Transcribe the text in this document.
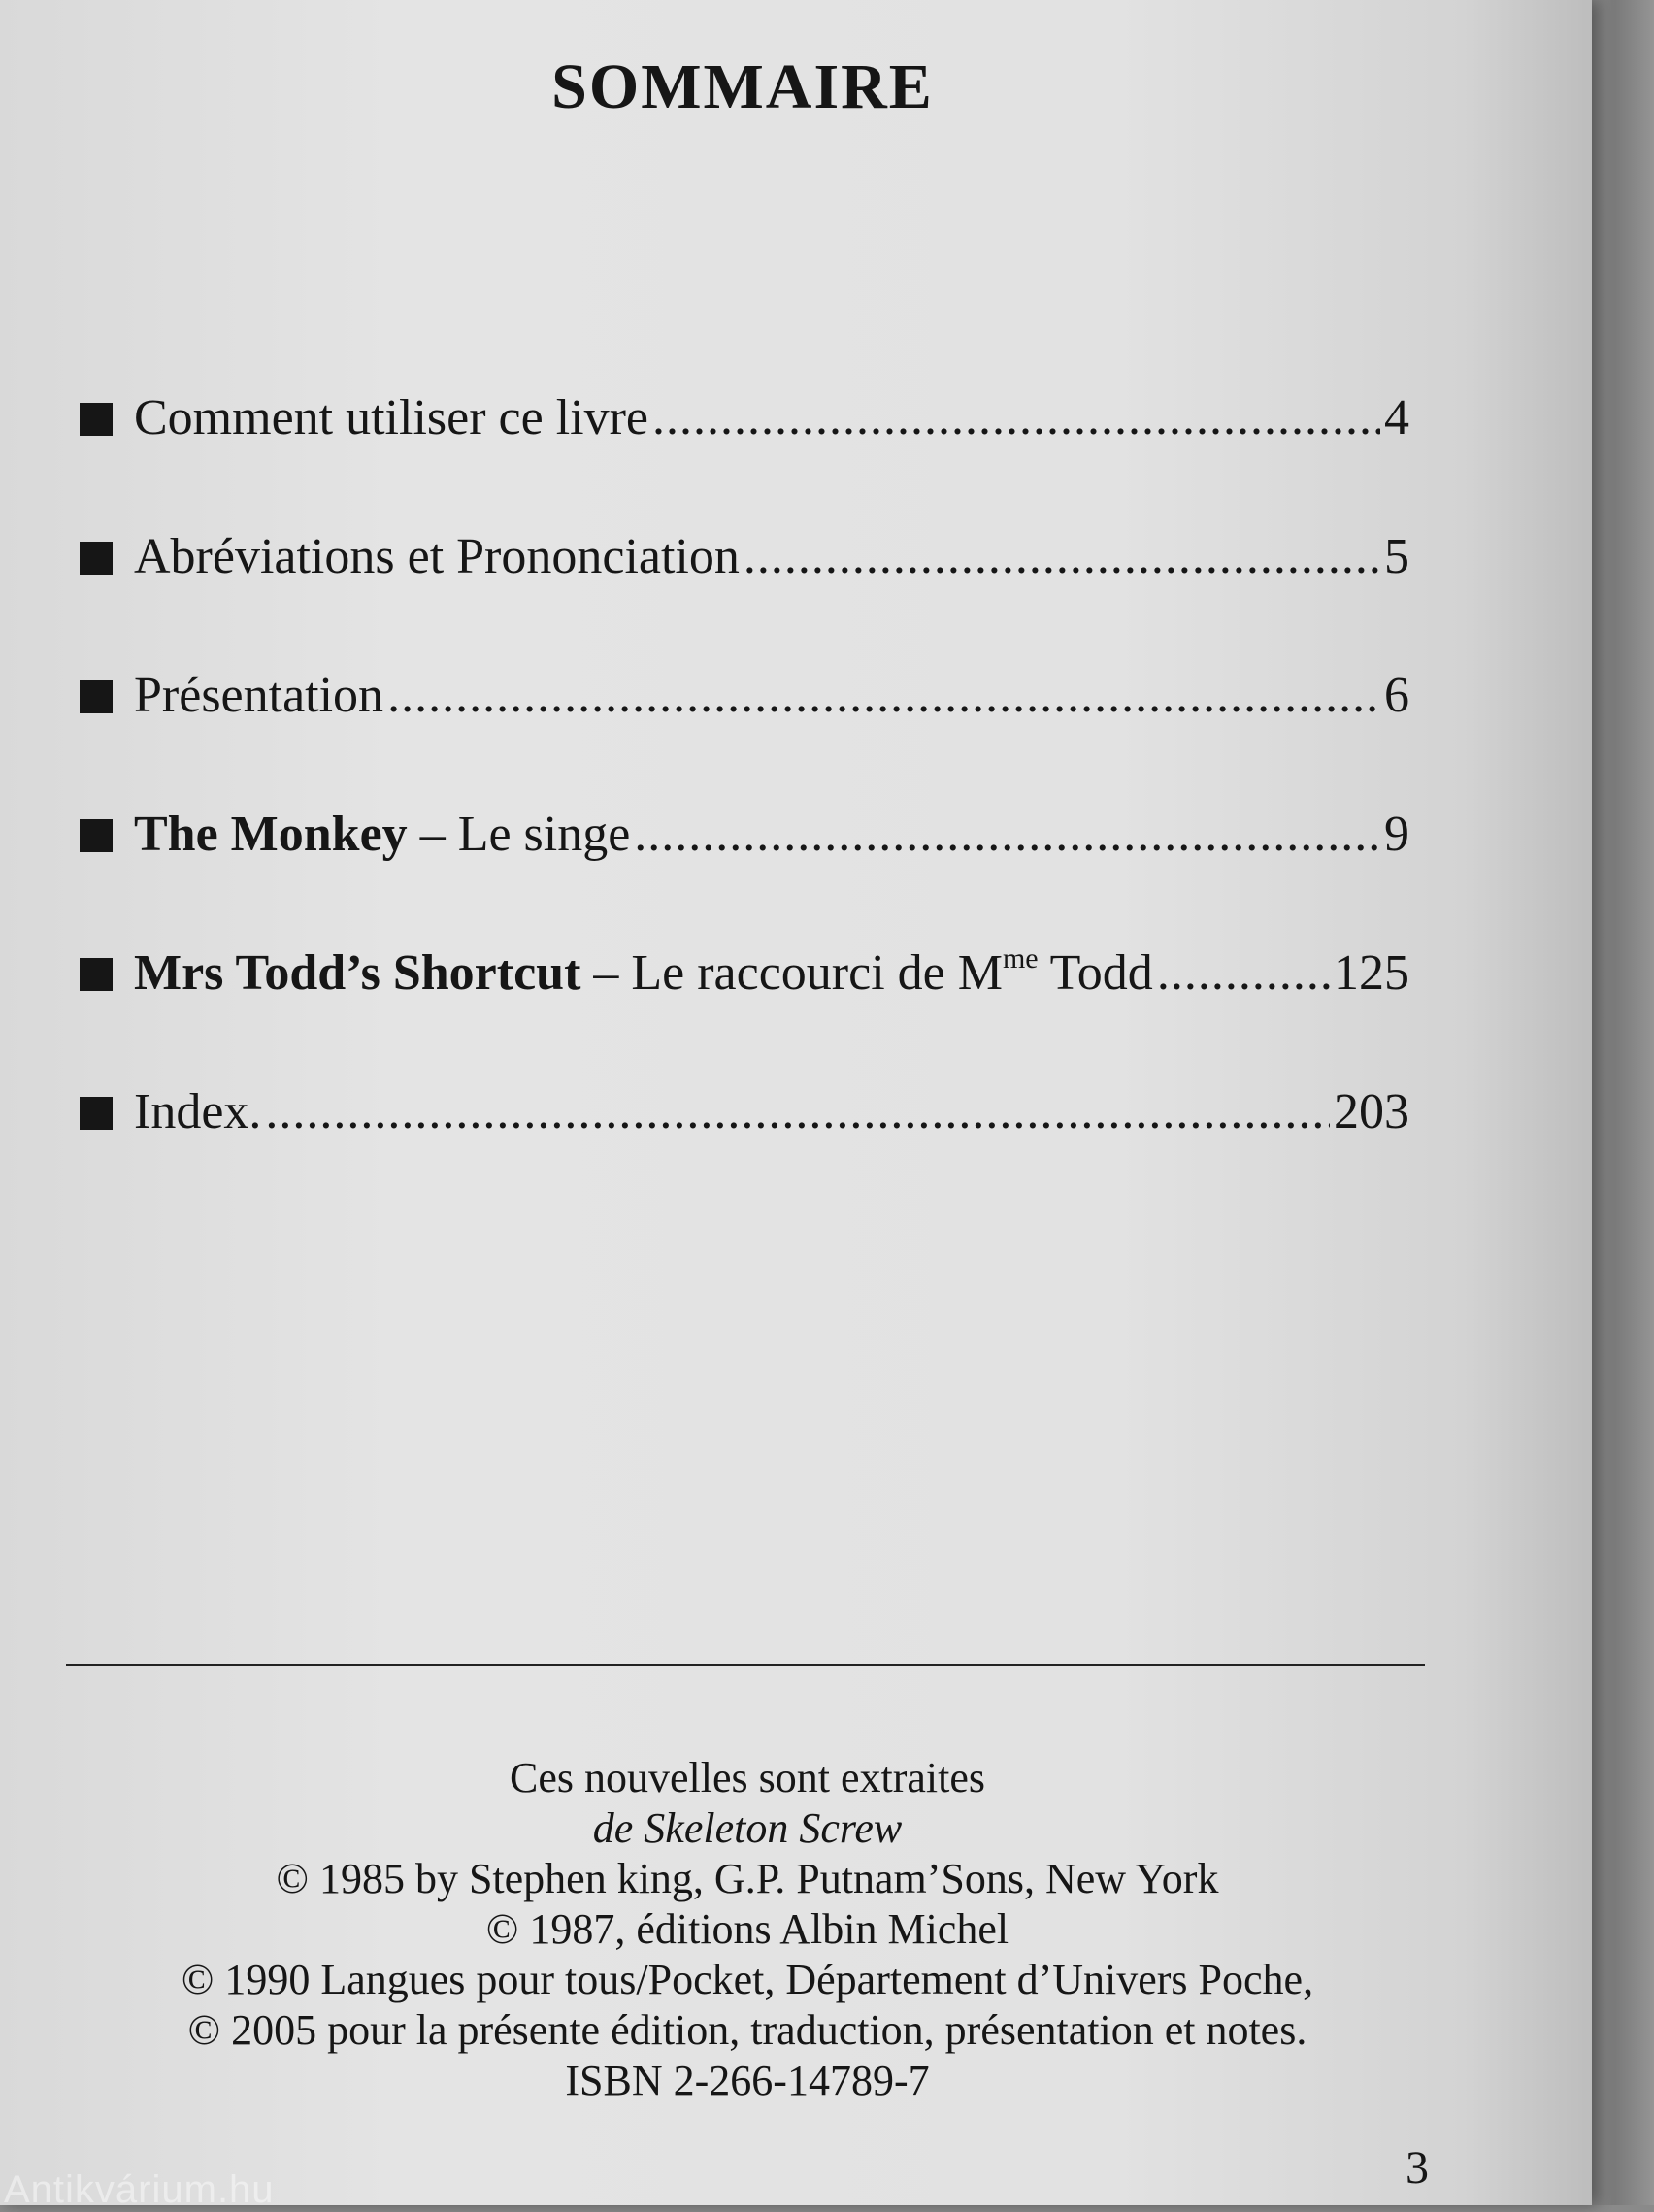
SOMMAIRE
Comment utiliser ce livre .....	4
Abréviations et Prononciation .....	5
Présentation .....	6
The Monkey – Le singe .....	9
Mrs Todd’s Shortcut – Le raccourci de $M^{me}$ Todd .....	125
Index. .....	203
Ces nouvelles sont extraites
de Skeleton Screw
© 1985 by Stephen king, G.P. Putnam’Sons, New York
© 1987, éditions Albin Michel
© 1990 Langues pour tous/Pocket, Département d’Univers Poche,
© 2005 pour la présente édition, traduction, présentation et notes.
ISBN 2-266-14789-7
3
Antikvárium.hu
